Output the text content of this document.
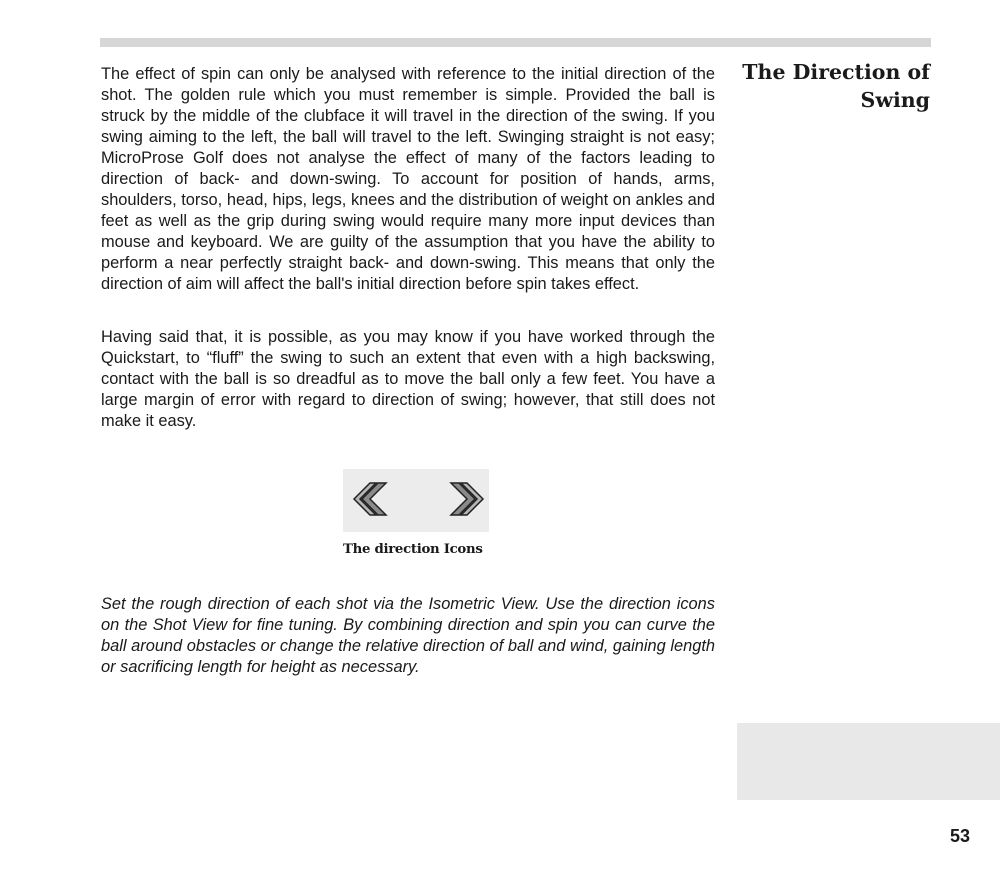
The Direction of
Swing

The effect of spin can only be analysed with reference to the initial direction of the shot. The golden rule which you must remember is simple. Provided the ball is struck by the middle of the clubface it will travel in the direction of the swing. If you swing aiming to the left, the ball will travel to the left. Swinging straight is not easy; MicroProse Golf does not analyse the effect of many of the factors leading to direction of back- and down-swing. To account for position of hands, arms, shoulders, torso, head, hips, legs, knees and the distribution of weight on ankles and feet as well as the grip during swing would require many more input devices than mouse and keyboard. We are guilty of the assumption that you have the ability to perform a near perfectly straight back- and down-swing. This means that only the direction of aim will affect the ball's initial direction before spin takes effect.

Having said that, it is possible, as you may know if you have worked through the Quickstart, to “fluff” the swing to such an extent that even with a high backswing, contact with the ball is so dreadful as to move the ball only a few feet. You have a large margin of error with regard to direction of swing; however, that still does not make it easy.

The direction Icons

Set the rough direction of each shot via the Isometric View. Use the direction icons on the Shot View for fine tuning. By combining direction and spin you can curve the ball around obstacles or change the relative direction of ball and wind, gaining length or sacrificing length for height as necessary.

53
